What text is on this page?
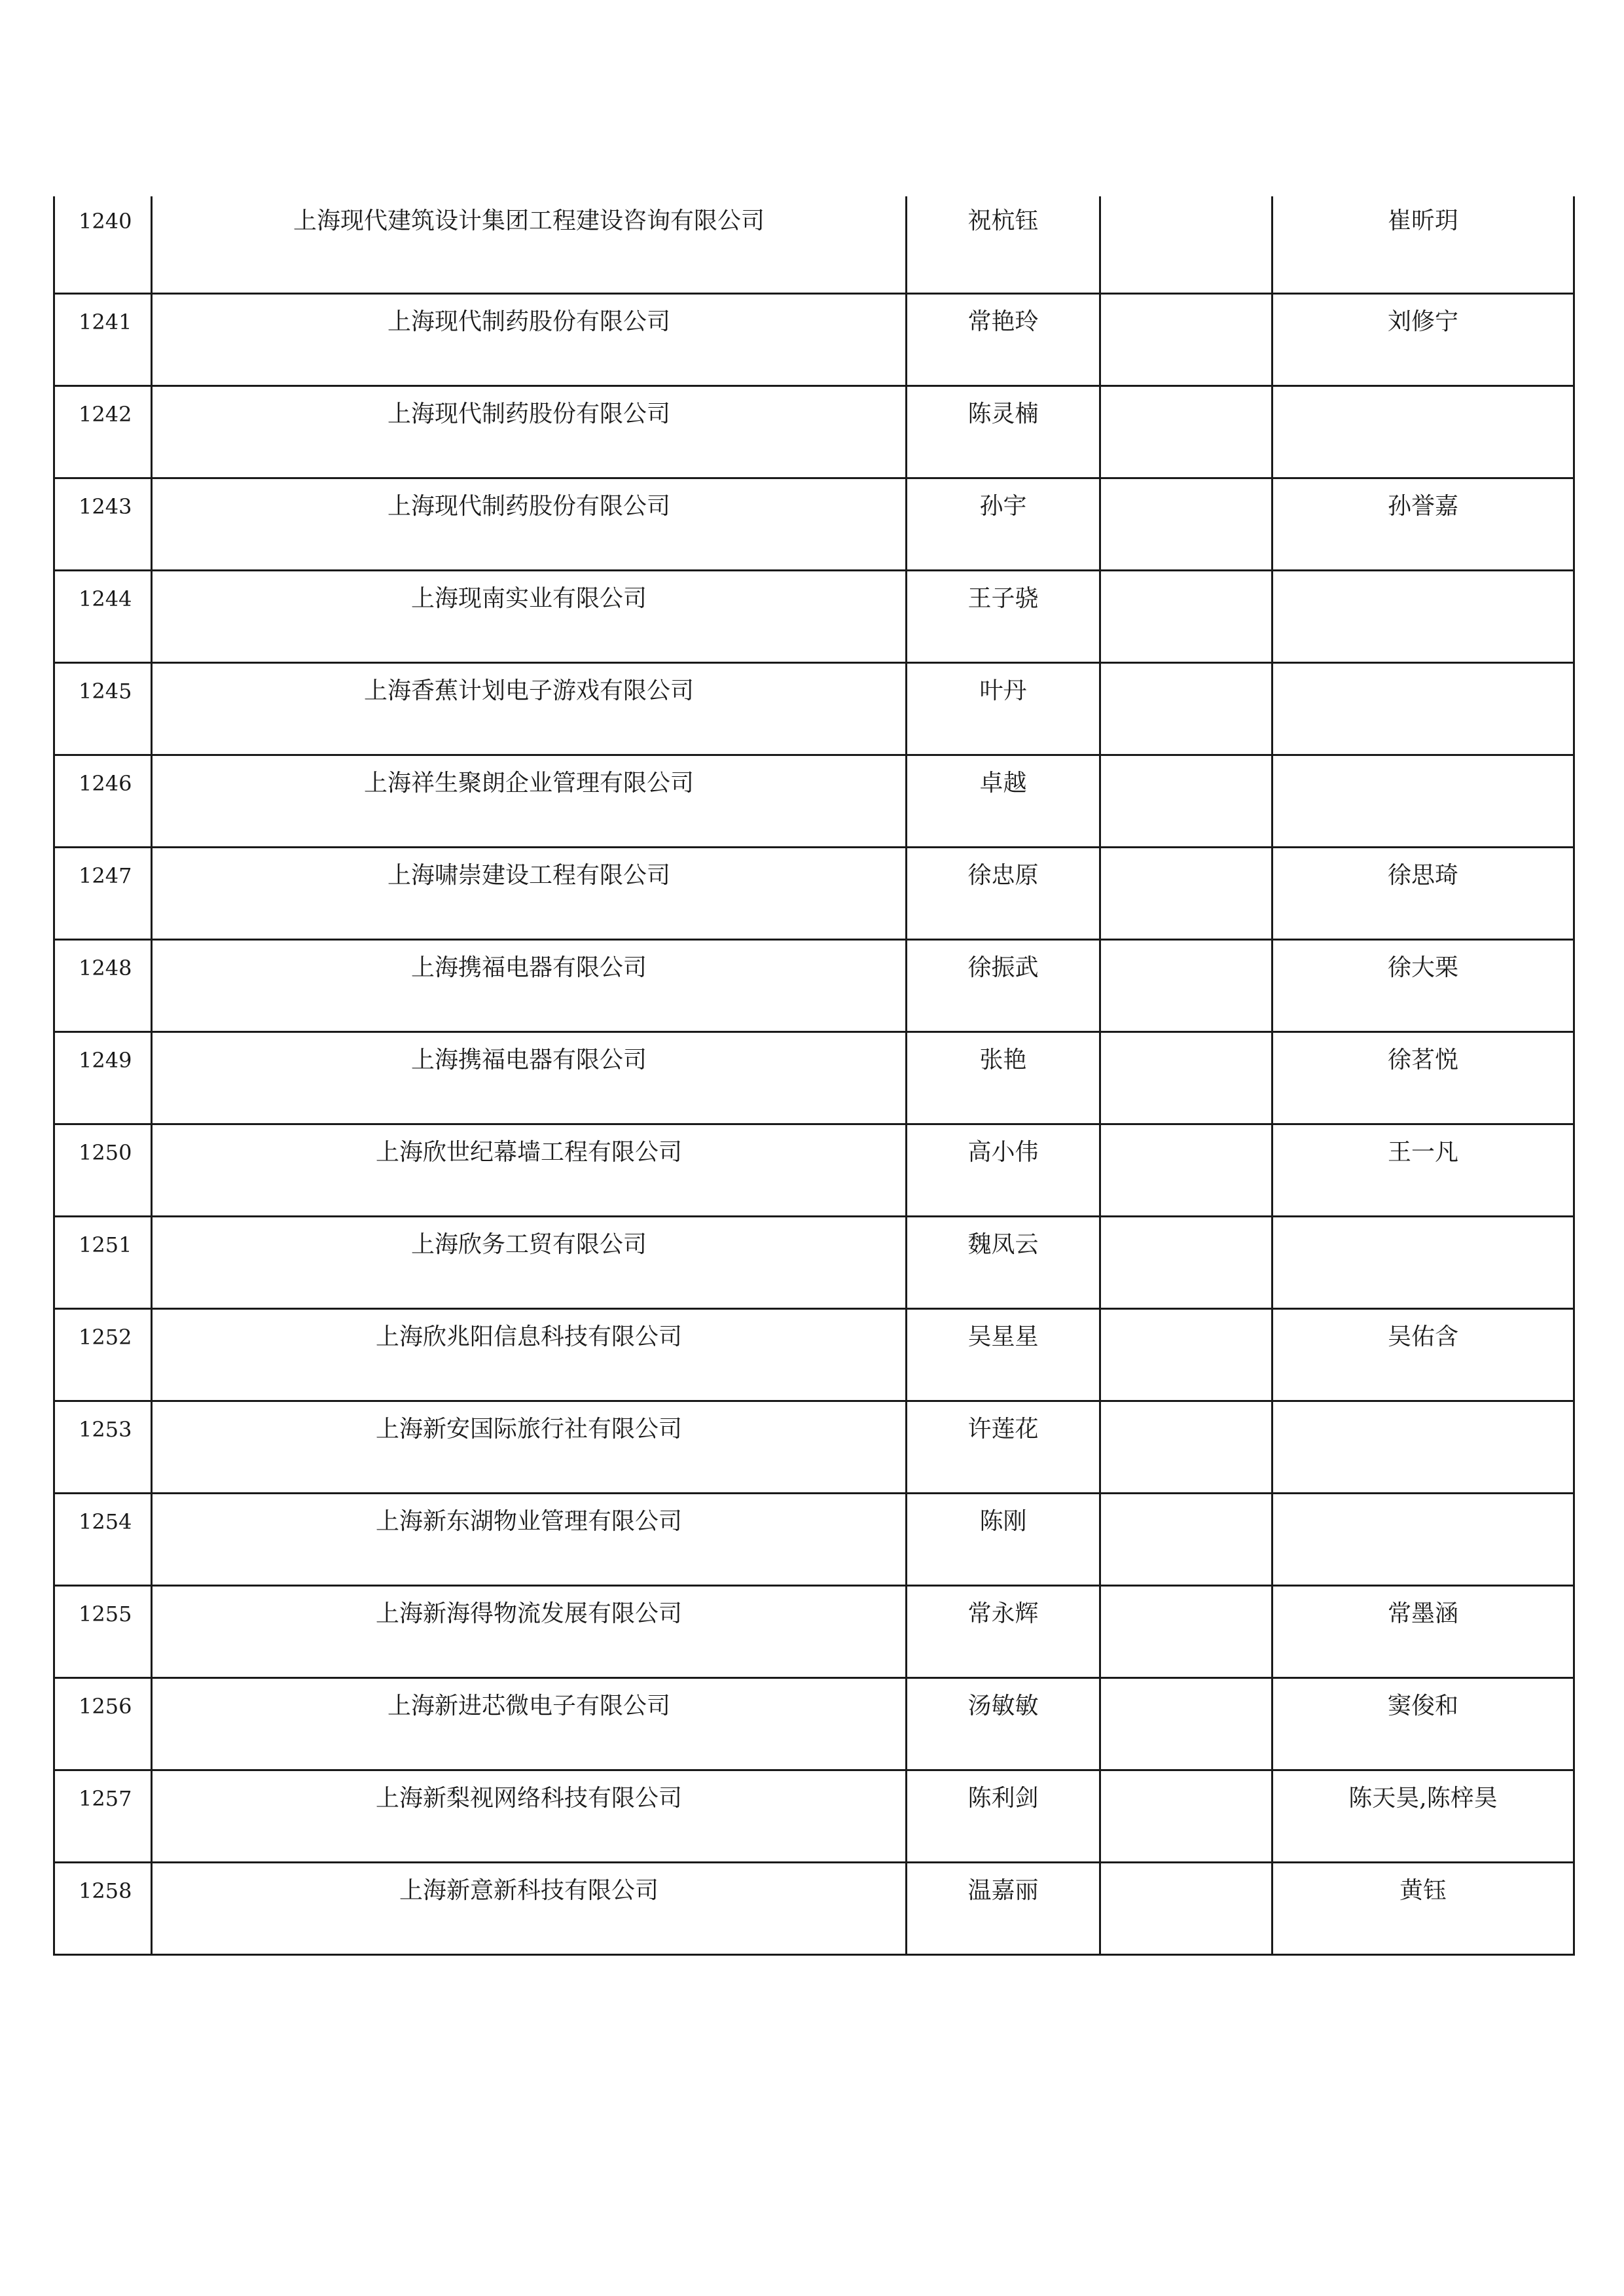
1240	上海现代建筑设计集团工程建设咨询有限公司	祝杭钰		崔昕玥
1241	上海现代制药股份有限公司	常艳玲		刘修宁
1242	上海现代制药股份有限公司	陈灵楠		
1243	上海现代制药股份有限公司	孙宇		孙誉嘉
1244	上海现南实业有限公司	王子骁		
1245	上海香蕉计划电子游戏有限公司	叶丹		
1246	上海祥生聚朗企业管理有限公司	卓越		
1247	上海啸崇建设工程有限公司	徐忠原		徐思琦
1248	上海携福电器有限公司	徐振武		徐大栗
1249	上海携福电器有限公司	张艳		徐茗悦
1250	上海欣世纪幕墙工程有限公司	高小伟		王一凡
1251	上海欣务工贸有限公司	魏凤云		
1252	上海欣兆阳信息科技有限公司	吴星星		吴佑含
1253	上海新安国际旅行社有限公司	许莲花		
1254	上海新东湖物业管理有限公司	陈刚		
1255	上海新海得物流发展有限公司	常永辉		常墨涵
1256	上海新进芯微电子有限公司	汤敏敏		窦俊和
1257	上海新梨视网络科技有限公司	陈利剑		陈天昊,陈梓昊
1258	上海新意新科技有限公司	温嘉丽		黄钰
